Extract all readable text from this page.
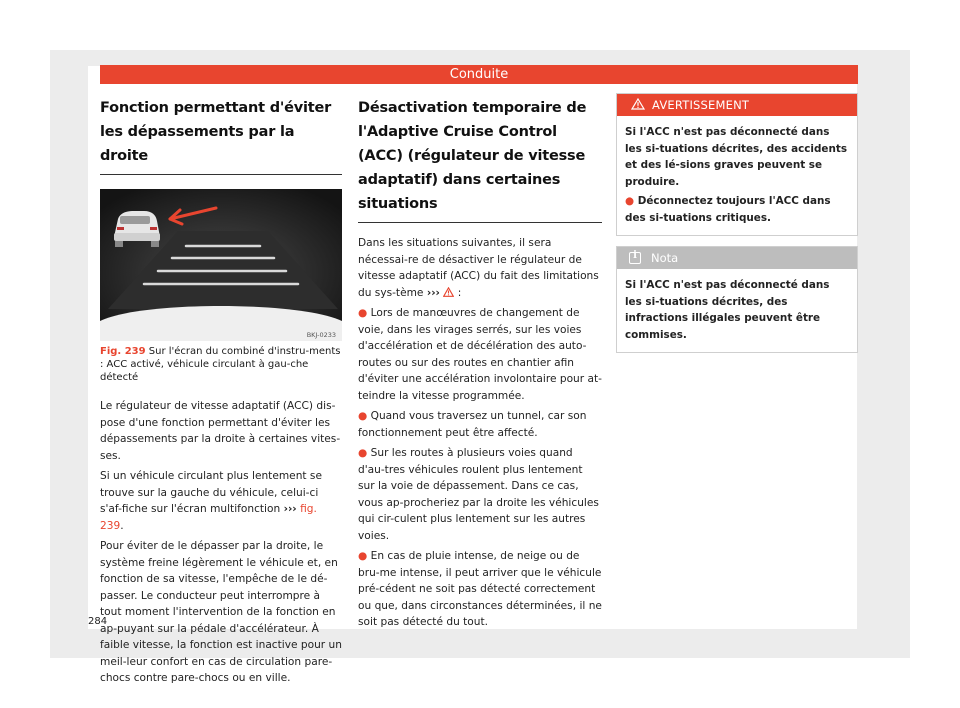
Conduite
Fonction permettant d'éviter les dépassements par la droite
BKJ-0233
Fig. 239 Sur l'écran du combiné d'instru-ments : ACC activé, véhicule circulant à gau-che détecté

Le régulateur de vitesse adaptatif (ACC) dis-pose d'une fonction permettant d'éviter les dépassements par la droite à certaines vites-ses.

Si un véhicule circulant plus lentement se trouve sur la gauche du véhicule, celui-ci s'af-fiche sur l'écran multifonction ››› fig. 239.

Pour éviter de le dépasser par la droite, le système freine légèrement le véhicule et, en fonction de sa vitesse, l'empêche de le dé-passer. Le conducteur peut interrompre à tout moment l'intervention de la fonction en ap-puyant sur la pédale d'accélérateur. À faible vitesse, la fonction est inactive pour un meil-leur confort en cas de circulation pare-chocs contre pare-chocs ou en ville.

Désactivation temporaire de l'Adaptive Cruise Control (ACC) (régulateur de vitesse adaptatif) dans certaines situations

Dans les situations suivantes, il sera nécessai-re de désactiver le régulateur de vitesse adaptatif (ACC) du fait des limitations du sys-tème ››› :

● Lors de manœuvres de changement de voie, dans les virages serrés, sur les voies d'accélération et de décélération des auto-routes ou sur des routes en chantier afin d'éviter une accélération involontaire pour at-teindre la vitesse programmée.

● Quand vous traversez un tunnel, car son fonctionnement peut être affecté.

● Sur les routes à plusieurs voies quand d'au-tres véhicules roulent plus lentement sur la voie de dépassement. Dans ce cas, vous ap-procheriez par la droite les véhicules qui cir-culent plus lentement sur les autres voies.

● En cas de pluie intense, de neige ou de bru-me intense, il peut arriver que le véhicule pré-cédent ne soit pas détecté correctement ou que, dans circonstances déterminées, il ne soit pas détecté du tout.

AVERTISSEMENT

Si l'ACC n'est pas déconnecté dans les si-tuations décrites, des accidents et des lé-sions graves peuvent se produire.

● Déconnectez toujours l'ACC dans des si-tuations critiques.

i
Nota

Si l'ACC n'est pas déconnecté dans les si-tuations décrites, des infractions illégales peuvent être commises.

284
